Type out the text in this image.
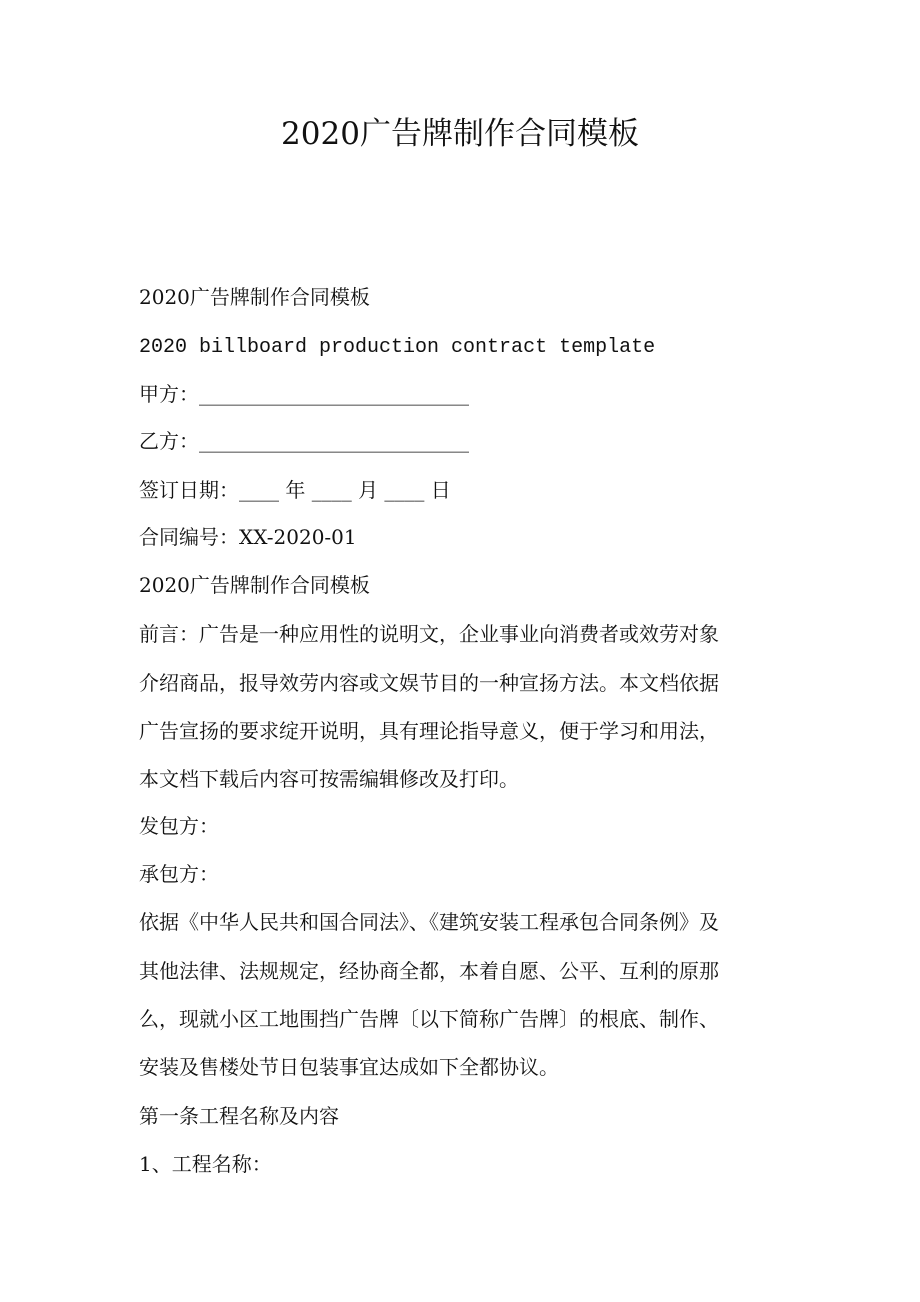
2020广告牌制作合同模板
2020广告牌制作合同模板
2020 billboard production contract template
甲方：___________________________
乙方：___________________________
签订日期：____ 年 ____ 月 ____ 日
合同编号：XX-2020-01
2020广告牌制作合同模板
前言：广告是一种应用性的说明文，企业事业向消费者或效劳对象
介绍商品，报导效劳内容或文娱节目的一种宣扬方法。本文档依据
广告宣扬的要求绽开说明，具有理论指导意义，便于学习和用法，
本文档下载后内容可按需编辑修改及打印。
发包方：
承包方：
依据《中华人民共和国合同法》、《建筑安装工程承包合同条例》及
其他法律、法规规定，经协商全都，本着自愿、公平、互利的原那
么，现就小区工地围挡广告牌〔以下简称广告牌〕的根底、制作、
安装及售楼处节日包装事宜达成如下全都协议。
第一条工程名称及内容
1、工程名称：
